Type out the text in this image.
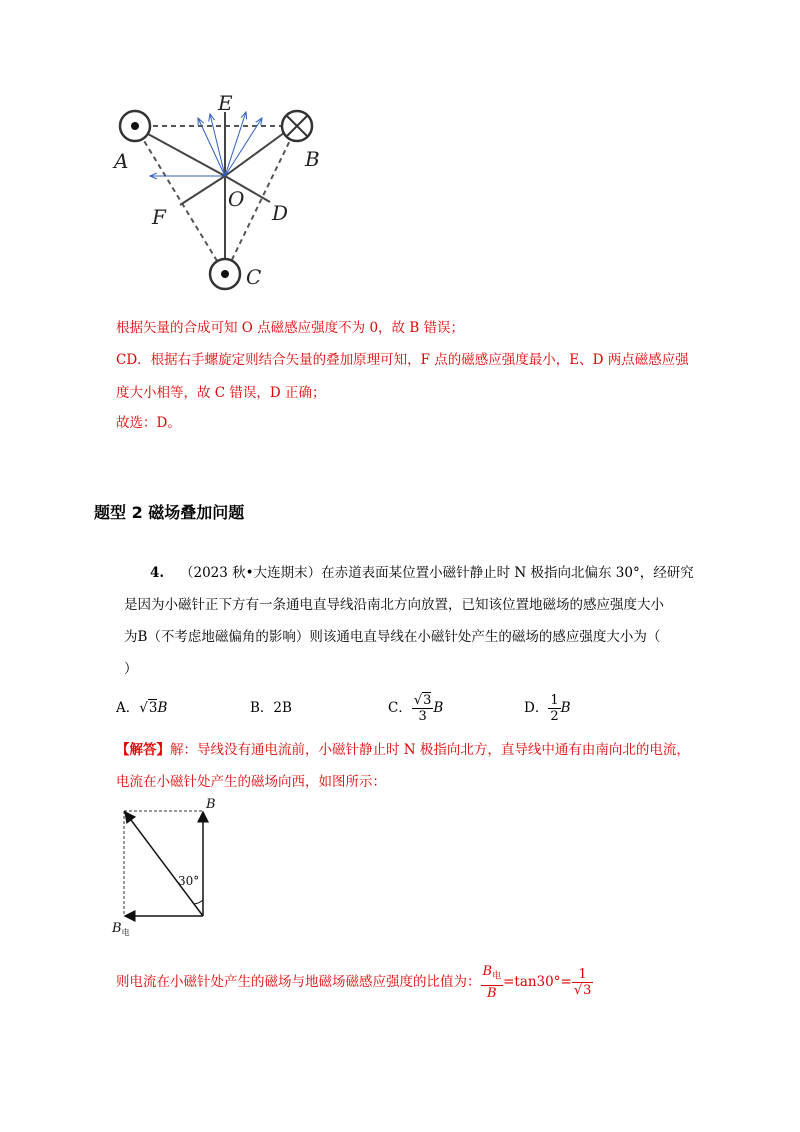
A	B
C
D
E
F
O
根据矢量的合成可知 O 点磁感应强度不为 0，故 B 错误；
CD．根据右手螺旋定则结合矢量的叠加原理可知，F 点的磁感应强度最小，E、D 两点磁感应强
度大小相等，故 C 错误，D 正确；
故选：D。
题型 2 磁场叠加问题
4. （2023 秋•大连期末）在赤道表面某位置小磁针静止时 N 极指向北偏东 30°，经研究
是因为小磁针正下方有一条通电直导线沿南北方向放置，已知该位置地磁场的感应强度大小
为B（不考虑地磁偏角的影响）则该通电直导线在小磁针处产生的磁场的感应强度大小为（
）
A．√3B	B．2B	C． $\frac{√3}{3}$ B	D． $\frac{1}{2}$ B
【解答】解：导线没有通电流前，小磁针静止时 N 极指向北方，直导线中通有由南向北的电流，
电流在小磁针处产生的磁场向西，如图所示：
B
30°
$B_电$
则电流在小磁针处产生的磁场与地磁场磁感应强度的比值为： $\frac{B_电}{B} =\tan 30^\circ= \frac{1}{√3}$
